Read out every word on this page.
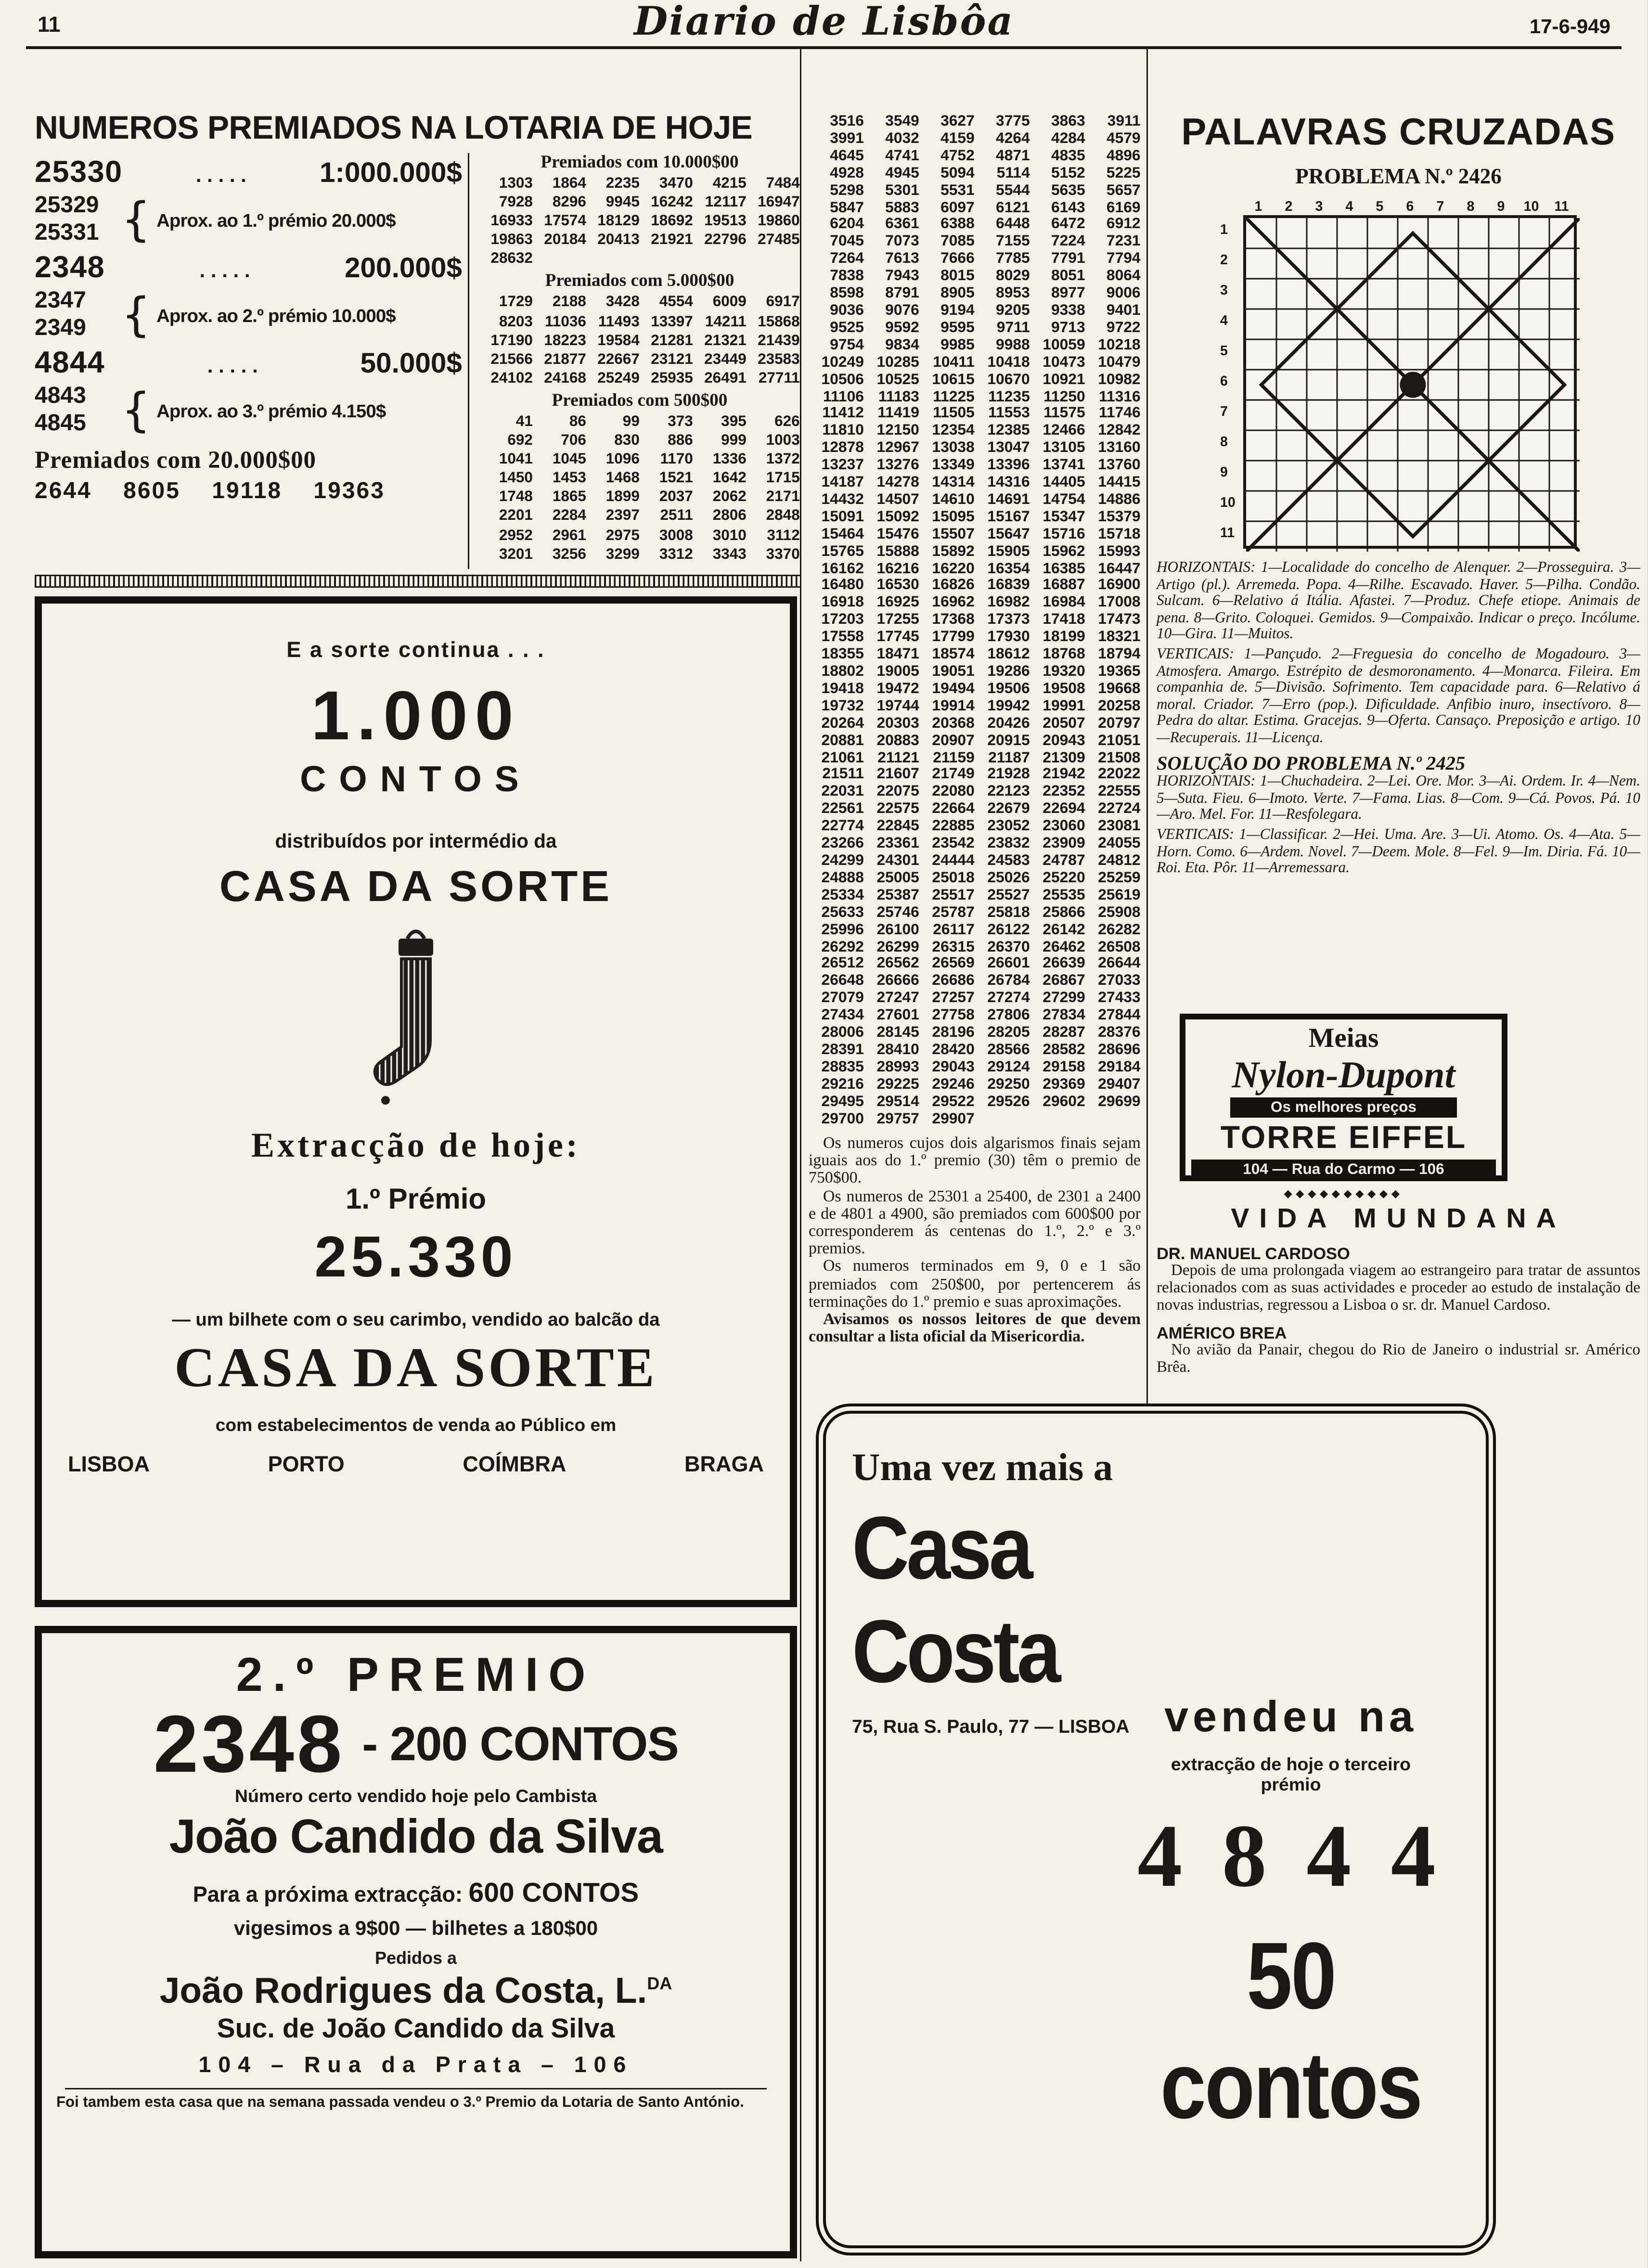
11	Diario de Lisbôa	17-6-949
NUMEROS PREMIADOS NA LOTARIA DE HOJE
25330	. . . . .	1:000.000$
25329
25331	{ Aprox. ao 1.º prémio 20.000$
2348	. . . . .	200.000$
2347
2349	{ Aprox. ao 2.º prémio 10.000$
4844	. . . . .	50.000$
4843
4845	{ Aprox. ao 3.º prémio 4.150$
Premiados com 20.000$00
2644    8605    19118    19363
Premiados com 10.000$00
1303	1864	2235	3470	4215	7484
7928	8296	9945	16242	12117	16947
16933	17574	18129	18692	19513	19860
19863	20184	20413	21921	22796	27485
28632
Premiados com 5.000$00
1729	2188	3428	4554	6009	6917
8203	11036	11493	13397	14211	15868
17190	18223	19584	21281	21321	21439
21566	21877	22667	23121	23449	23583
24102	24168	25249	25935	26491	27711
Premiados com 500$00
41	86	99	373	395	626
692	706	830	886	999	1003
1041	1045	1096	1170	1336	1372
1450	1453	1468	1521	1642	1715
1748	1865	1899	2037	2062	2171
2201	2284	2397	2511	2806	2848
2952	2961	2975	3008	3010	3112
3201	3256	3299	3312	3343	3370
E a sorte continua . . .
1.000
CONTOS
distribuídos por intermédio da
CASA DA SORTE
Extracção de hoje:
1.º Prémio
25.330
— um bilhete com o seu carimbo, vendido ao balcão da
CASA DA SORTE
com estabelecimentos de venda ao Público em
LISBOA	PORTO	COÍMBRA	BRAGA
2.º PREMIO
2348 - 200 CONTOS
Número certo vendido hoje pelo Cambista
João Candido da Silva
Para a próxima extracção: 600 CONTOS
vigesimos a 9$00 — bilhetes a 180$00
Pedidos a
João Rodrigues da Costa, L.$^{DA}$
Suc. de João Candido da Silva
104 – Rua da Prata – 106
Foi tambem esta casa que na semana passada vendeu o 3.º Premio da Lotaria de Santo António.
3516	3549	3627	3775	3863	3911
3991	4032	4159	4264	4284	4579
4645	4741	4752	4871	4835	4896
4928	4945	5094	5114	5152	5225
5298	5301	5531	5544	5635	5657
5847	5883	6097	6121	6143	6169
6204	6361	6388	6448	6472	6912
7045	7073	7085	7155	7224	7231
7264	7613	7666	7785	7791	7794
7838	7943	8015	8029	8051	8064
8598	8791	8905	8953	8977	9006
9036	9076	9194	9205	9338	9401
9525	9592	9595	9711	9713	9722
9754	9834	9985	9988	10059	10218
10249	10285	10411	10418	10473	10479
10506	10525	10615	10670	10921	10982
11106	11183	11225	11235	11250	11316
11412	11419	11505	11553	11575	11746
11810	12150	12354	12385	12466	12842
12878	12967	13038	13047	13105	13160
13237	13276	13349	13396	13741	13760
14187	14278	14314	14316	14405	14415
14432	14507	14610	14691	14754	14886
15091	15092	15095	15167	15347	15379
15464	15476	15507	15647	15716	15718
15765	15888	15892	15905	15962	15993
16162	16216	16220	16354	16385	16447
16480	16530	16826	16839	16887	16900
16918	16925	16962	16982	16984	17008
17203	17255	17368	17373	17418	17473
17558	17745	17799	17930	18199	18321
18355	18471	18574	18612	18768	18794
18802	19005	19051	19286	19320	19365
19418	19472	19494	19506	19508	19668
19732	19744	19914	19942	19991	20258
20264	20303	20368	20426	20507	20797
20881	20883	20907	20915	20943	21051
21061	21121	21159	21187	21309	21508
21511	21607	21749	21928	21942	22022
22031	22075	22080	22123	22352	22555
22561	22575	22664	22679	22694	22724
22774	22845	22885	23052	23060	23081
23266	23361	23542	23832	23909	24055
24299	24301	24444	24583	24787	24812
24888	25005	25018	25026	25220	25259
25334	25387	25517	25527	25535	25619
25633	25746	25787	25818	25866	25908
25996	26100	26117	26122	26142	26282
26292	26299	26315	26370	26462	26508
26512	26562	26569	26601	26639	26644
26648	26666	26686	26784	26867	27033
27079	27247	27257	27274	27299	27433
27434	27601	27758	27806	27834	27844
28006	28145	28196	28205	28287	28376
28391	28410	28420	28566	28582	28696
28835	28993	29043	29124	29158	29184
29216	29225	29246	29250	29369	29407
29495	29514	29522	29526	29602	29699
29700	29757	29907
Os numeros cujos dois algarismos finais sejam iguais aos do 1.º premio (30) têm o premio de 750$00.
Os numeros de 25301 a 25400, de 2301 a 2400 e de 4801 a 4900, são premiados com 600$00 por corresponderem ás centenas do 1.º, 2.º e 3.º premios.
Os numeros terminados em 9, 0 e 1 são premiados com 250$00, por pertencerem ás terminações do 1.º premio e suas aproximações.

Avisamos os nossos leitores de que devem consultar a lista oficial da Misericordia.

PALAVRAS CRUZADAS
PROBLEMA N.º 2426
1	2	3	4	5	6	7	8	9	10	11
1
2
3
4
5
6
7
8
9
10
11

HORIZONTAIS: 1—Localidade do concelho de Alenquer. 2—Prosseguira. 3—Artigo (pl.). Arremeda. Popa. 4—Rilhe. Escavado. Haver. 5—Pilha. Condão. Sulcam. 6—Relativo á Itália. Afastei. 7—Produz. Chefe etiope. Animais de pena. 8—Grito. Coloquei. Gemidos. 9—Compaixão. Indicar o preço. Incólume. 10—Gira. 11—Muitos.

VERTICAIS: 1—Pançudo. 2—Freguesia do concelho de Mogadouro. 3—Atmosfera. Amargo. Estrépito de desmoronamento. 4—Monarca. Fileira. Em companhia de. 5—Divisão. Sofrimento. Tem capacidade para. 6—Relativo á moral. Criador. 7—Erro (pop.). Dificuldade. Anfibio inuro, insectívoro. 8—Pedra do altar. Estima. Gracejas. 9—Oferta. Cansaço. Preposição e artigo. 10—Recuperais. 11—Licença.

SOLUÇÃO DO PROBLEMA N.º 2425

HORIZONTAIS: 1—Chuchadeira. 2—Lei. Ore. Mor. 3—Ai. Ordem. Ir. 4—Nem. 5—Suta. Fieu. 6—Imoto. Verte. 7—Fama. Lias. 8—Com. 9—Cá. Povos. Pá. 10—Aro. Mel. For. 11—Resfolegara.

VERTICAIS: 1—Classificar. 2—Hei. Uma. Are. 3—Ui. Atomo. Os. 4—Ata. 5—Horn. Como. 6—Ardem. Novel. 7—Deem. Mole. 8—Fel. 9—Im. Diria. Fá. 10—Roi. Eta. Pôr. 11—Arremessara.

Meias
Nylon-Dupont
Os melhores preços
TORRE EIFFEL
104 — Rua do Carmo — 106
◆◆◆◆◆◆◆◆◆◆
VIDA MUNDANA
DR. MANUEL CARDOSO
Depois de uma prolongada viagem ao estrangeiro para tratar de assuntos relacionados com as suas actividades e proceder ao estudo de instalação de novas industrias, regressou a Lisboa o sr. dr. Manuel Cardoso.
AMÉRICO BREA
No avião da Panair, chegou do Rio de Janeiro o industrial sr. Américo Brêa.
Uma vez mais a
Casa Costa
75, Rua S. Paulo, 77 — LISBOA	vendeu na
extracção de hoje o terceiro prémio
4 8 4 4
50 contos
